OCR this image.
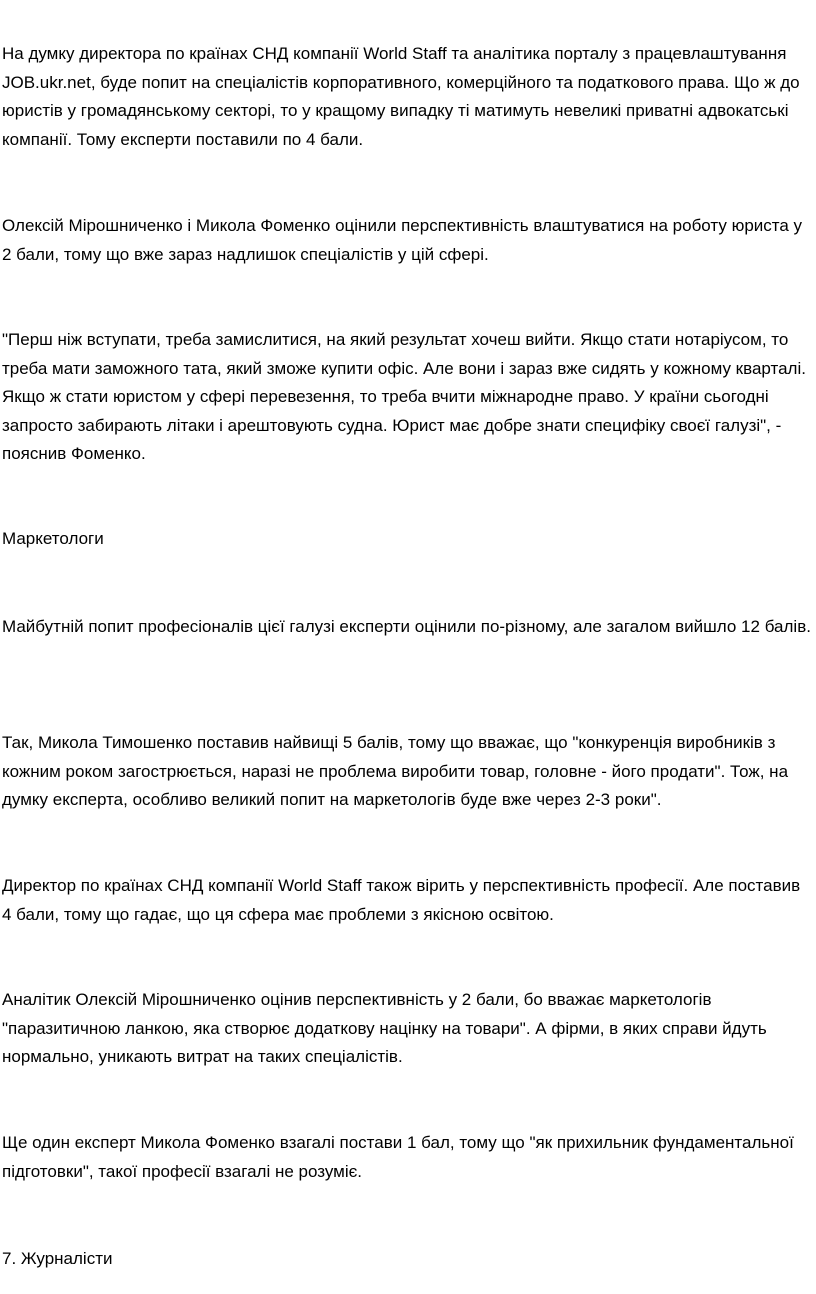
На думку директора по країнах СНД компанії World Staff та аналітика порталу з працевлаштування JOB.ukr.net, буде попит на спеціалістів корпоративного, комерційного та податкового права. Що ж до юристів у громадянському секторі, то у кращому випадку ті матимуть невеликі приватні адвокатські компанії. Тому експерти поставили по 4 бали.

Олексій Мірошниченко і Микола Фоменко оцінили перспективність влаштуватися на роботу юриста у 2 бали, тому що вже зараз надлишок спеціалістів у цій сфері.

"Перш ніж вступати, треба замислитися, на який результат хочеш вийти. Якщо стати нотаріусом, то треба мати заможного тата, який зможе купити офіс. Але вони і зараз вже сидять у кожному кварталі. Якщо ж стати юристом у сфері перевезення, то треба вчити міжнародне право. У країни сьогодні запросто забирають літаки і арештовують судна. Юрист має добре знати специфіку своєї галузі", - пояснив Фоменко.

Маркетологи

Майбутній попит професіоналів цієї галузі експерти оцінили по-різному, але загалом вийшло 12 балів.

Так, Микола Тимошенко поставив найвищі 5 балів, тому що вважає, що "конкуренція виробників з кожним роком загострюється, наразі не проблема виробити товар, головне - його продати". Тож, на думку експерта, особливо великий попит на маркетологів буде вже через 2-3 роки".

Директор по країнах СНД компанії World Staff також вірить у перспективність професії. Але поставив 4 бали, тому що гадає, що ця сфера має проблеми з якісною освітою.

Аналітик Олексій Мірошниченко оцінив перспективність у 2 бали, бо вважає маркетологів "паразитичною ланкою, яка створює додаткову націнку на товари". А фірми, в яких справи йдуть нормально, уникають витрат на таких спеціалістів.

Ще один експерт Микола Фоменко взагалі постави 1 бал, тому що "як прихильник фундаментальної підготовки", такої професії взагалі не розуміє.

7. Журналісти
